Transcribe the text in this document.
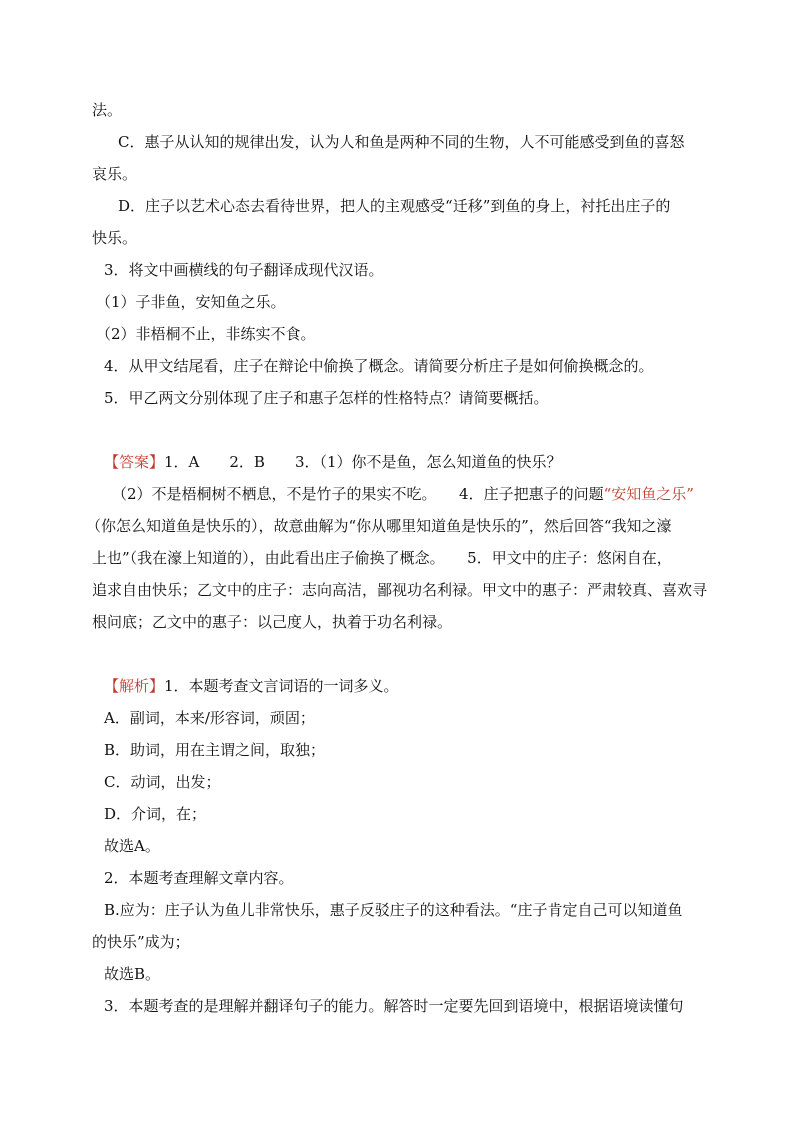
法。
C．惠子从认知的规律出发，认为人和鱼是两种不同的生物，人不可能感受到鱼的喜怒
哀乐。
D．庄子以艺术心态去看待世界，把人的主观感受“迁移”到鱼的身上，衬托出庄子的
快乐。
3．将文中画横线的句子翻译成现代汉语。
（1）子非鱼，安知鱼之乐。
（2）非梧桐不止，非练实不食。
4．从甲文结尾看，庄子在辩论中偷换了概念。请简要分析庄子是如何偷换概念的。
5．甲乙两文分别体现了庄子和惠子怎样的性格特点？请简要概括。
【答案】1．A　　2．B　　3．（1）你不是鱼，怎么知道鱼的快乐？
（2）不是梧桐树不栖息，不是竹子的果实不吃。　　4．庄子把惠子的问题“安知鱼之乐”
（你怎么知道鱼是快乐的），故意曲解为“你从哪里知道鱼是快乐的”，然后回答“我知之濠
上也”（我在濠上知道的），由此看出庄子偷换了概念。　　5．甲文中的庄子：悠闲自在，
追求自由快乐；乙文中的庄子：志向高洁，鄙视功名利禄。甲文中的惠子：严肃较真、喜欢寻
根问底；乙文中的惠子：以己度人，执着于功名利禄。
【解析】1．本题考查文言词语的一词多义。
A．副词，本来/形容词，顽固；
B．助词，用在主谓之间，取独；
C．动词，出发；
D．介词，在；
故选A。
2．本题考查理解文章内容。
B.应为：庄子认为鱼儿非常快乐，惠子反驳庄子的这种看法。“庄子肯定自己可以知道鱼
的快乐”成为；
故选B。
3．本题考查的是理解并翻译句子的能力。解答时一定要先回到语境中，根据语境读懂句
